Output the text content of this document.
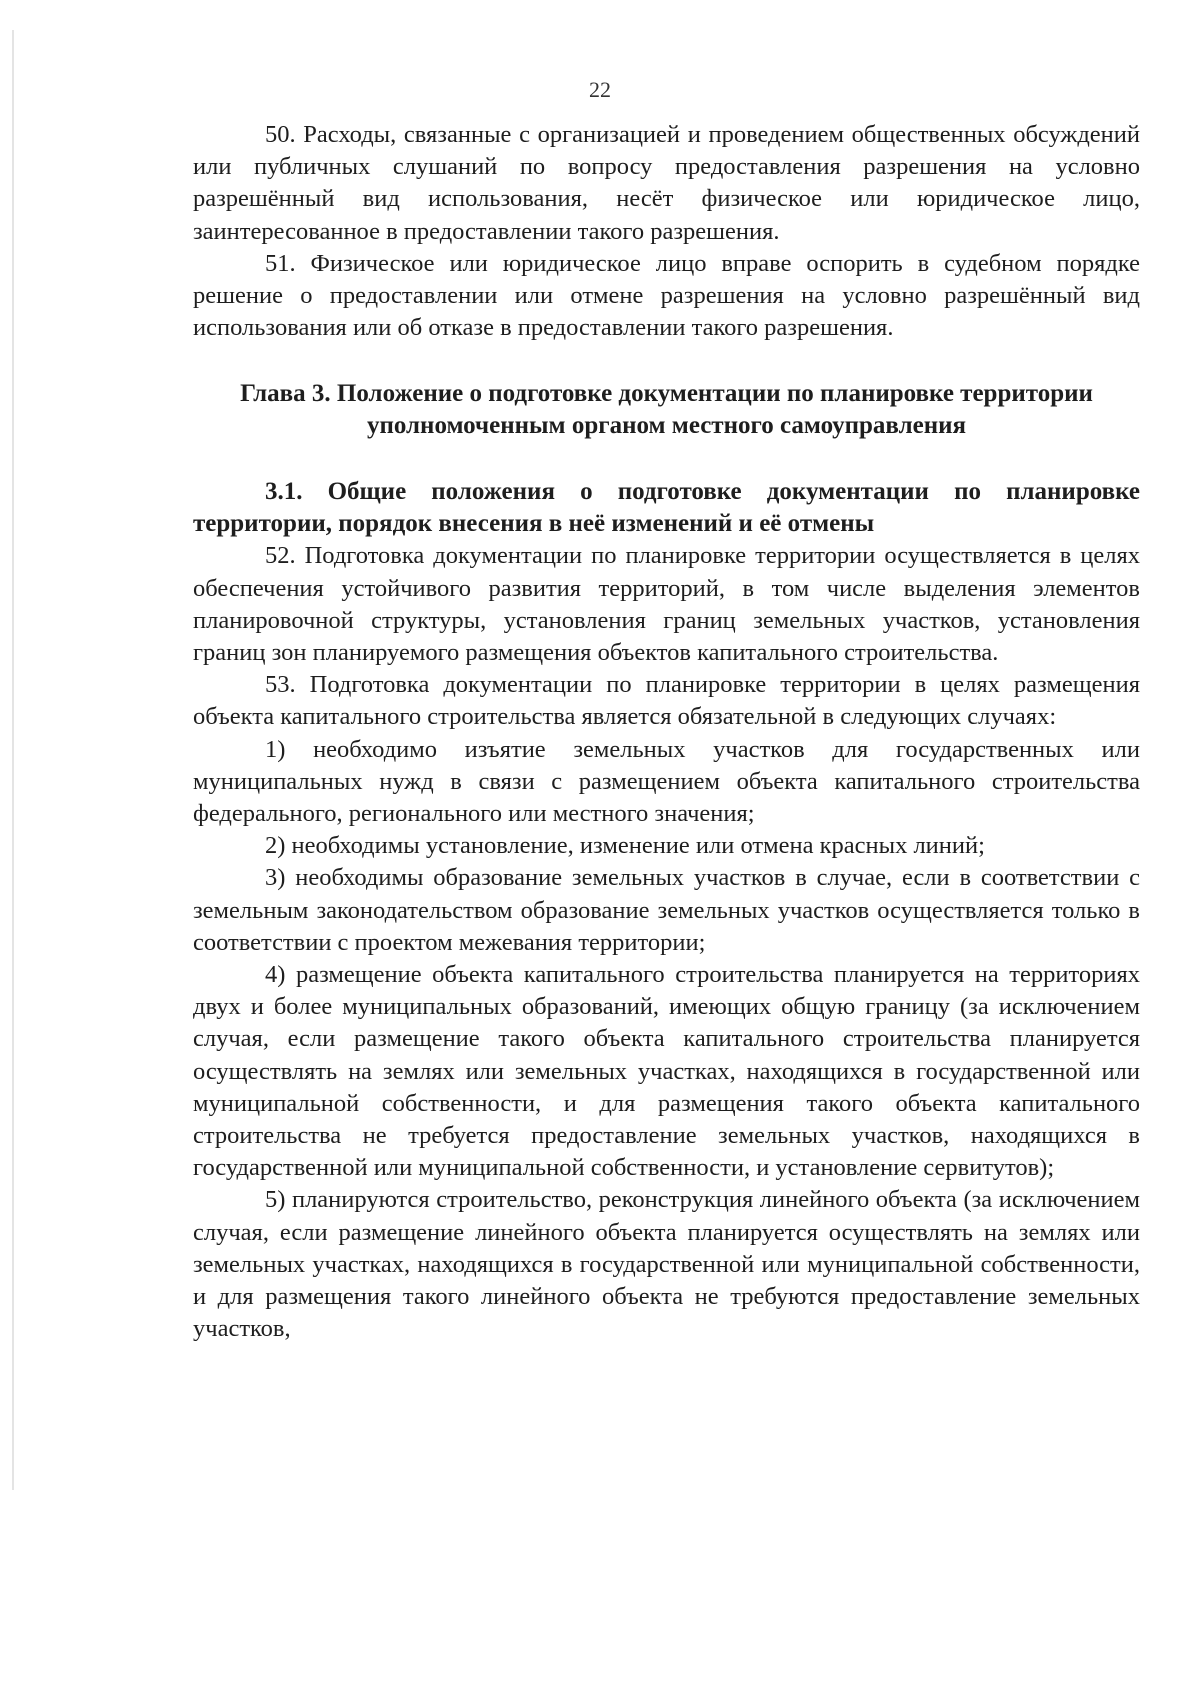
22

50. Расходы, связанные с организацией и проведением общественных обсуждений или публичных слушаний по вопросу предоставления разрешения на условно разрешённый вид использования, несёт физическое или юридическое лицо, заинтересованное в предоставлении такого разрешения.

51. Физическое или юридическое лицо вправе оспорить в судебном порядке решение о предоставлении или отмене разрешения на условно разрешённый вид использования или об отказе в предоставлении такого разрешения.

Глава 3. Положение о подготовке документации по планировке территории уполномоченным органом местного самоуправления
3.1. Общие положения о подготовке документации по планировке территории, порядок внесения в неё изменений и её отмены

52. Подготовка документации по планировке территории осуществляется в целях обеспечения устойчивого развития территорий, в том числе выделения элементов планировочной структуры, установления границ земельных участков, установления границ зон планируемого размещения объектов капитального строительства.

53. Подготовка документации по планировке территории в целях размещения объекта капитального строительства является обязательной в следующих случаях:

1) необходимо изъятие земельных участков для государственных или муниципальных нужд в связи с размещением объекта капитального строительства федерального, регионального или местного значения;

2) необходимы установление, изменение или отмена красных линий;

3) необходимы образование земельных участков в случае, если в соответствии с земельным законодательством образование земельных участков осуществляется только в соответствии с проектом межевания территории;

4) размещение объекта капитального строительства планируется на территориях двух и более муниципальных образований, имеющих общую границу (за исключением случая, если размещение такого объекта капитального строительства планируется осуществлять на землях или земельных участках, находящихся в государственной или муниципальной собственности, и для размещения такого объекта капитального строительства не требуется предоставление земельных участков, находящихся в государственной или муниципальной собственности, и установление сервитутов);

5) планируются строительство, реконструкция линейного объекта (за исключением случая, если размещение линейного объекта планируется осуществлять на землях или земельных участках, находящихся в государственной или муниципальной собственности, и для размещения такого линейного объекта не требуются предоставление земельных участков,
